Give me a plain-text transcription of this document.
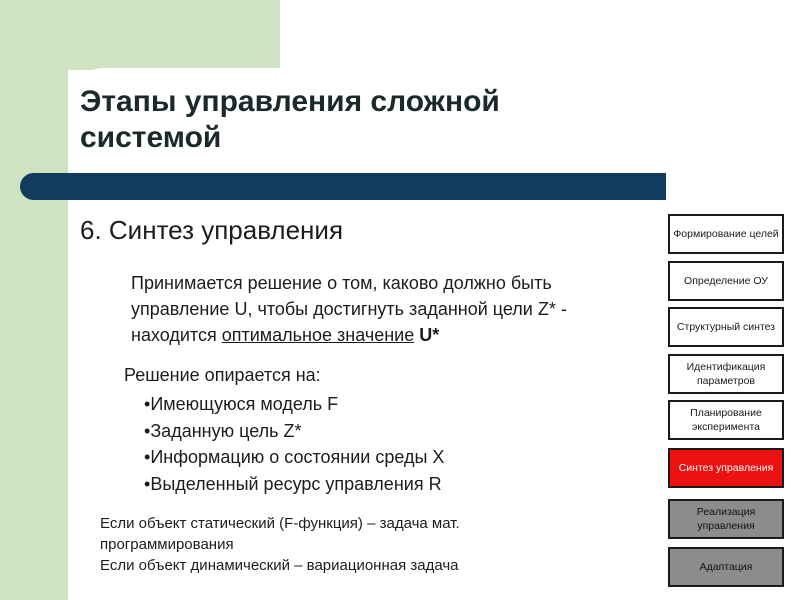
Этапы управления сложной системой
6. Синтез управления
Принимается решение о том, каково должно быть управление U, чтобы достигнуть заданной цели Z* - находится оптимальное значение U*
Решение опирается на:
• Имеющуюся модель F
• Заданную цель Z*
• Информацию о состоянии среды X
• Выделенный ресурс управления R
Если объект статический (F-функция) – задача мат.
программирования
Если объект динамический – вариационная задача
Формирование целей
Определение ОУ
Структурный синтез
Идентификация параметров
Планирование эксперимента
Синтез управления
Реализация управления
Адаптация
